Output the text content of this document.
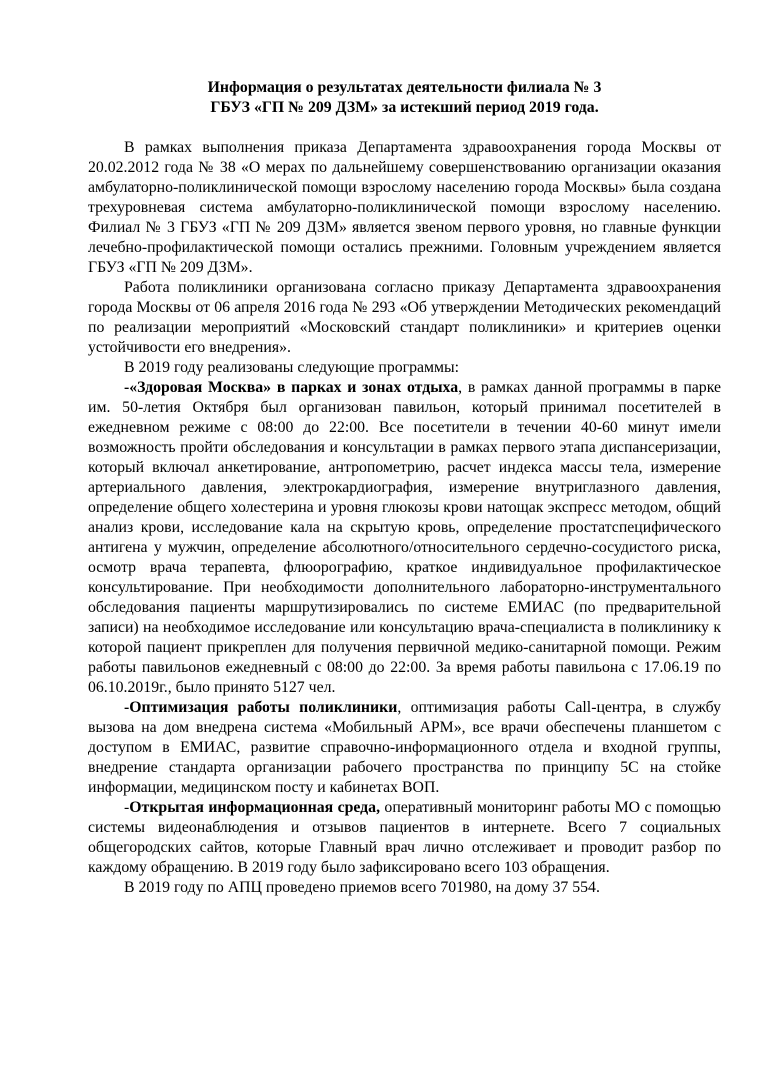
Информация о результатах деятельности филиала № 3
ГБУЗ «ГП № 209 ДЗМ» за истекший период 2019 года.

В рамках выполнения приказа Департамента здравоохранения города Москвы от 20.02.2012 года № 38 «О мерах по дальнейшему совершенствованию организации оказания амбулаторно-поликлинической помощи взрослому населению города Москвы» была создана трехуровневая система амбулаторно-поликлинической помощи взрослому населению. Филиал № 3 ГБУЗ «ГП № 209 ДЗМ» является звеном первого уровня, но главные функции лечебно-профилактической помощи остались прежними. Головным учреждением является ГБУЗ «ГП № 209 ДЗМ».

Работа поликлиники организована согласно приказу Департамента здравоохранения города Москвы от 06 апреля 2016 года № 293 «Об утверждении Методических рекомендаций по реализации мероприятий «Московский стандарт поликлиники» и критериев оценки устойчивости его внедрения».

В 2019 году реализованы следующие программы:

-«Здоровая Москва» в парках и зонах отдыха, в рамках данной программы в парке им. 50-летия Октября был организован павильон, который принимал посетителей в ежедневном режиме с 08:00 до 22:00. Все посетители в течении 40-60 минут имели возможность пройти обследования и консультации в рамках первого этапа диспансеризации, который включал анкетирование, антропометрию, расчет индекса массы тела, измерение артериального давления, электрокардиография, измерение внутриглазного давления, определение общего холестерина и уровня глюкозы крови натощак экспресс методом, общий анализ крови, исследование кала на скрытую кровь, определение простатспецифического антигена у мужчин, определение абсолютного/относительного сердечно-сосудистого риска, осмотр врача терапевта, флюорографию, краткое индивидуальное профилактическое консультирование. При необходимости дополнительного лабораторно-инструментального обследования пациенты маршрутизировались по системе ЕМИАС (по предварительной записи) на необходимое исследование или консультацию врача-специалиста в поликлинику к которой пациент прикреплен для получения первичной медико-санитарной помощи. Режим работы павильонов ежедневный с 08:00 до 22:00. За время работы павильона с 17.06.19 по 06.10.2019г., было принято 5127 чел.

-Оптимизация работы поликлиники, оптимизация работы Call-центра, в службу вызова на дом внедрена система «Мобильный АРМ», все врачи обеспечены планшетом с доступом в ЕМИАС, развитие справочно-информационного отдела и входной группы, внедрение стандарта организации рабочего пространства по принципу 5С на стойке информации, медицинском посту и кабинетах ВОП.

-Открытая информационная среда, оперативный мониторинг работы МО с помощью системы видеонаблюдения и отзывов пациентов в интернете. Всего 7 социальных общегородских сайтов, которые Главный врач лично отслеживает и проводит разбор по каждому обращению. В 2019 году было зафиксировано всего 103 обращения.

В 2019 году по АПЦ проведено приемов всего 701980, на дому 37 554.
